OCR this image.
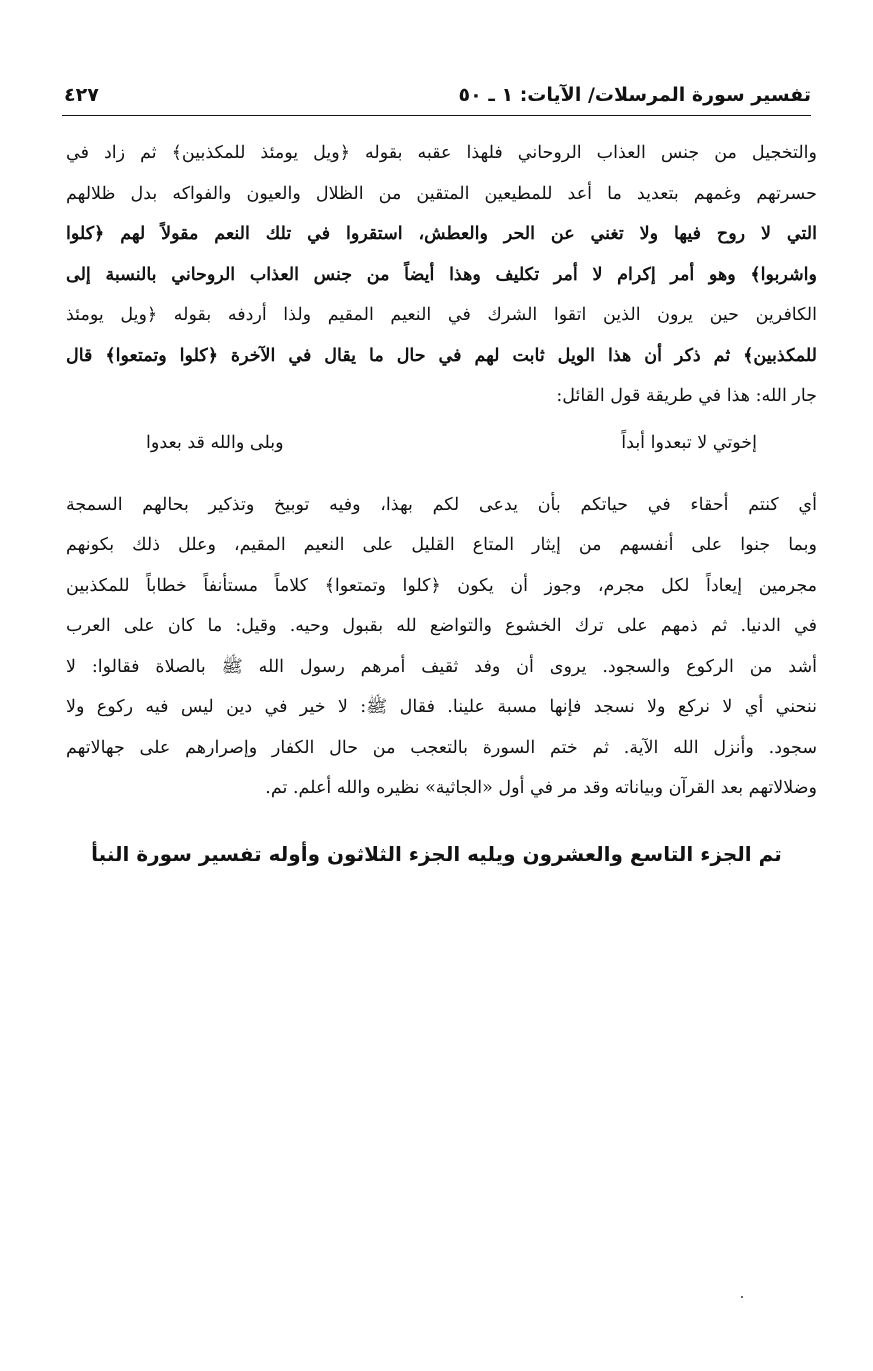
تفسير سورة المرسلات/ الآيات: ١ ـ ٥٠
٤٢٧
والتخجيل من جنس العذاب الروحاني فلهذا عقبه بقوله ﴿ويل يومئذ للمكذبين﴾ ثم زاد في
حسرتهم وغمهم بتعديد ما أعد للمطيعين المتقين من الظلال والعيون والفواكه بدل ظلالهم
التي لا روح فيها ولا تغني عن الحر والعطش، استقروا في تلك النعم مقولاً لهم ﴿كلوا
واشربوا﴾ وهو أمر إكرام لا أمر تكليف وهذا أيضاً من جنس العذاب الروحاني بالنسبة إلى
الكافرين حين يرون الذين اتقوا الشرك في النعيم المقيم ولذا أردفه بقوله ﴿ويل يومئذ
للمكذبين﴾ ثم ذكر أن هذا الويل ثابت لهم في حال ما يقال في الآخرة ﴿كلوا وتمتعوا﴾ قال
جار الله: هذا في طريقة قول القائل:
إخوتي لا تبعدوا أبداً
وبلى والله قد بعدوا
أي كنتم أحقاء في حياتكم بأن يدعى لكم بهذا، وفيه توبيخ وتذكير بحالهم السمجة
وبما جنوا على أنفسهم من إيثار المتاع القليل على النعيم المقيم، وعلل ذلك بكونهم
مجرمين إيعاداً لكل مجرم، وجوز أن يكون ﴿كلوا وتمتعوا﴾ كلاماً مستأنفاً خطاباً للمكذبين
في الدنيا. ثم ذمهم على ترك الخشوع والتواضع لله بقبول وحيه. وقيل: ما كان على العرب
أشد من الركوع والسجود. يروى أن وفد ثقيف أمرهم رسول الله ﷺ بالصلاة فقالوا: لا
ننحني أي لا نركع ولا نسجد فإنها مسبة علينا. فقال ﷺ: لا خير في دين ليس فيه ركوع ولا
سجود. وأنزل الله الآية. ثم ختم السورة بالتعجب من حال الكفار وإصرارهم على جهالاتهم
وضلالاتهم بعد القرآن وبياناته وقد مر في أول «الجاثية» نظيره والله أعلم. تم.
تم الجزء التاسع والعشرون ويليه الجزء الثلاثون وأوله تفسير سورة النبأ
